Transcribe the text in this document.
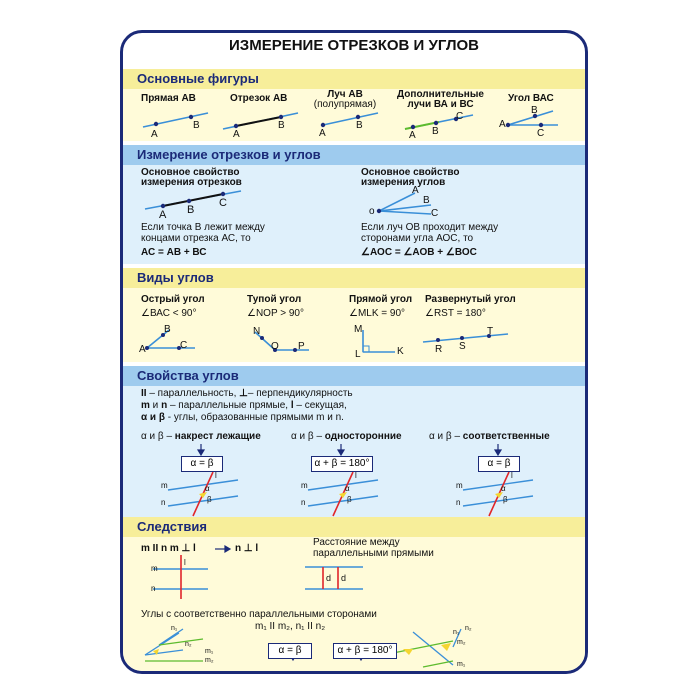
ИЗМЕРЕНИЕ ОТРЕЗКОВ И УГЛОВ
Основные фигуры
Прямая АВ	Отрезок АВ	Луч АВ
(полупрямая)
Дополнительные
лучи ВА и ВС
Угол ВАС
A
B
A
B
A
B
A B
C
A
B
C
Измерение отрезков и углов
Основное свойство
измерения отрезков
A B
C
Если точка В лежит между
концами отрезка АС, то
АС = АВ + ВС
Основное свойство
измерения углов
o
A
B
C
Если луч ОВ проходит между
сторонами угла АОС, то
∠АОС = ∠АОВ + ∠ВОС
Виды углов
Острый угол
∠ВАС < 90°
Тупой угол
∠NOP > 90°
Прямой угол
∠MLK = 90°
Развернутый угол
∠RST = 180°
A
B
C
N
O P
M
L	K	R S
T
Свойства углов
II – параллельность, ⊥– перпендикулярность
m и n – параллельные прямые, l – секущая,
α и β - углы, образованные прямыми m и n.
α и β – накрест лежащие	α и β – односторонние	α и β – соответственные
α = β	α + β = 180°	α = β
m
n
l
α
β
m
n
l
α
β
m
n
l
α
β
Следствия
m II n m ⊥ l	n ⊥ l
Расстояние между
параллельными прямыми
m
n
l
d d
Углы с соответственно параллельными сторонами
m₁ II m₂, n₁ II n₂
α = β	α + β = 180°
n₁
n₂
m₁
m₂
n₁
n₂
m₂
m₁
